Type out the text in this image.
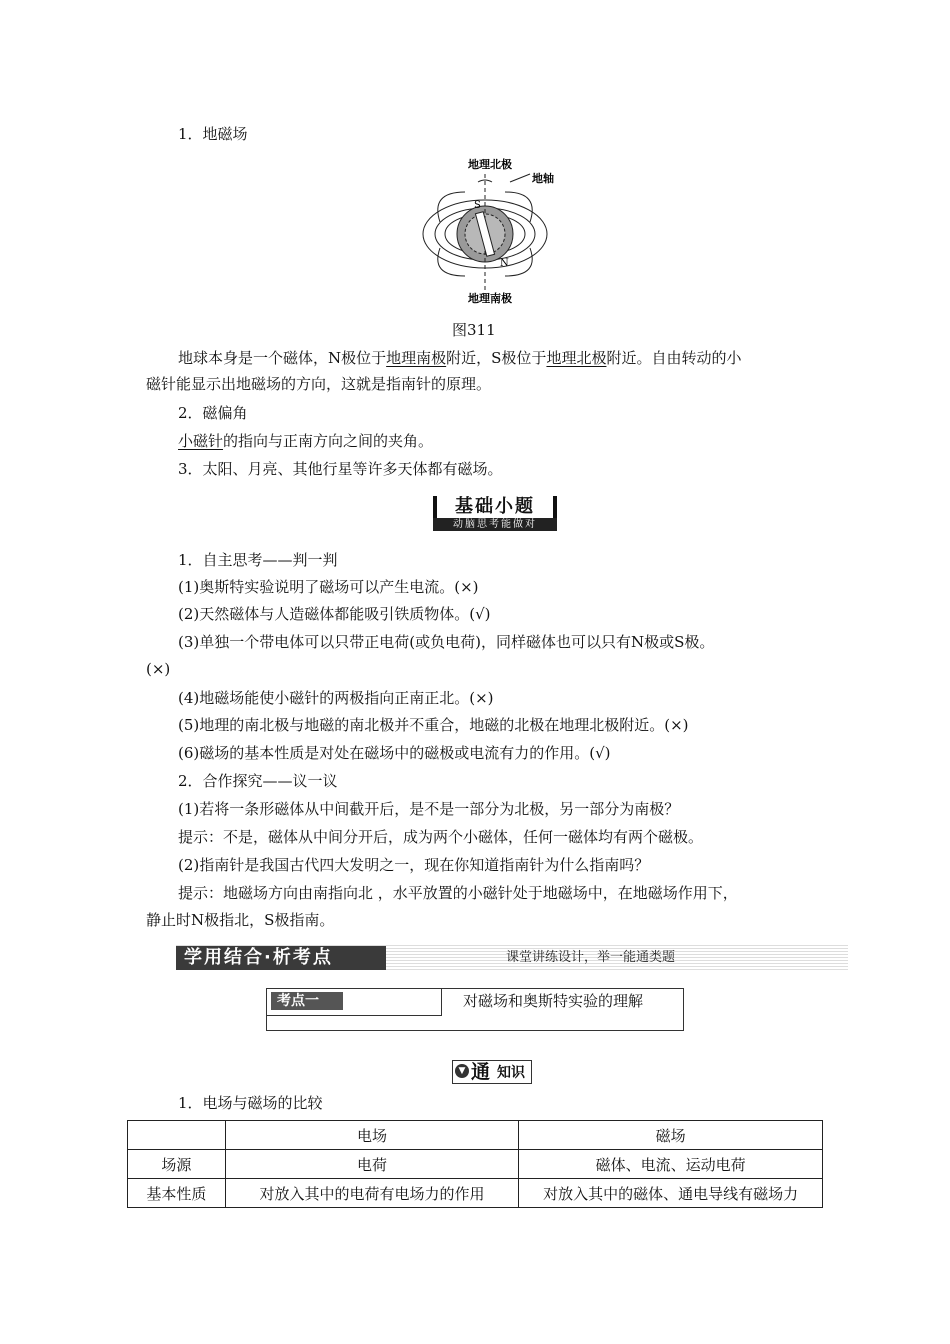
1．地磁场
地理北极
地轴
地理南极
S
N
图311
地球本身是一个磁体，N极位于地理南极附近，S极位于地理北极附近。自由转动的小
磁针能显示出地磁场的方向，这就是指南针的原理。
2．磁偏角
小磁针的指向与正南方向之间的夹角。
3．太阳、月亮、其他行星等许多天体都有磁场。
基础小题
动脑思考能做对
1．自主思考——判一判
(1)奥斯特实验说明了磁场可以产生电流。(×)
(2)天然磁体与人造磁体都能吸引铁质物体。(√)
(3)单独一个带电体可以只带正电荷(或负电荷)，同样磁体也可以只有N极或S极。
(×)
(4)地磁场能使小磁针的两极指向正南正北。(×)
(5)地理的南北极与地磁的南北极并不重合，地磁的北极在地理北极附近。(×)
(6)磁场的基本性质是对处在磁场中的磁极或电流有力的作用。(√)
2．合作探究——议一议
(1)若将一条形磁体从中间截开后，是不是一部分为北极，另一部分为南极？
提示：不是，磁体从中间分开后，成为两个小磁体，任何一磁体均有两个磁极。
(2)指南针是我国古代四大发明之一，现在你知道指南针为什么指南吗？
提示：地磁场方向由南指向北 ，水平放置的小磁针处于地磁场中，在地磁场作用下，
静止时N极指北，S极指南。
学用结合·析考点	课堂讲练设计，举一能通类题
考点一	对磁场和奥斯特实验的理解
▼ 通 知识
1．电场与磁场的比较
	电场	磁场
场源	电荷	磁体、电流、运动电荷
基本性质	对放入其中的电荷有电场力的作用	对放入其中的磁体、通电导线有磁场力
